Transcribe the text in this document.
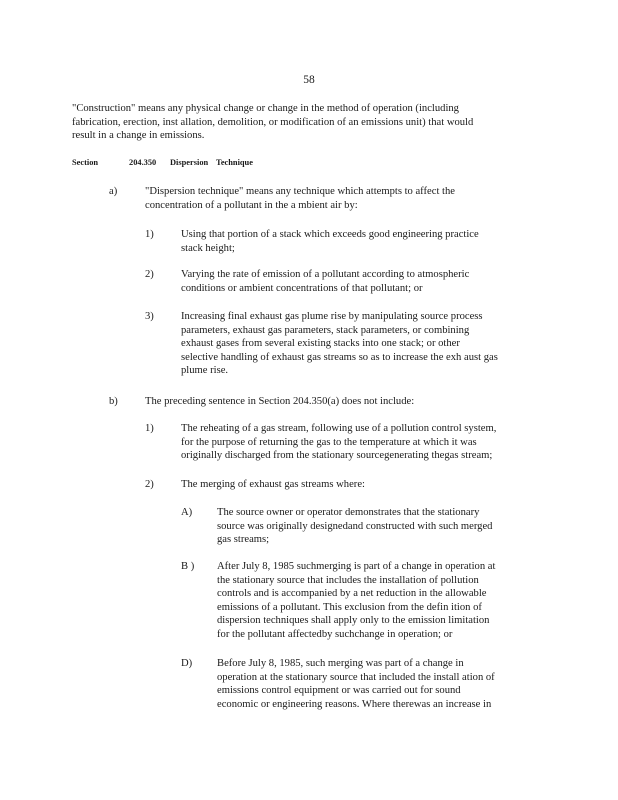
58
"Construction" means any physical change or change in the method of operation (including
fabrication, erection, inst allation, demolition, or modification of an emissions unit) that would
result in a change in emissions.
Section	204.350 Dispersion Technique
a)	"Dispersion technique" means any technique which attempts to affect the
concentration of a pollutant in the a mbient air by:
1)	Using that portion of a stack which exceeds good engineering practice
stack height;
2)	Varying the rate of emission of a pollutant according to atmospheric
conditions or ambient concentrations of that pollutant; or
3)	Increasing final exhaust gas plume rise by manipulating source process
parameters, exhaust gas parameters, stack parameters, or combining
exhaust gases from several existing stacks into one stack; or other
selective handling of exhaust gas streams so as to increase the exh aust gas
plume rise.
b)	The preceding sentence in Section 204.350(a) does not include:
1)	The reheating of a gas stream, following use of a pollution control system,
for the purpose of returning the gas to the temperature at which it was
originally discharged from the stationary sourcegenerating thegas stream;
2)	The merging of exhaust gas streams where:
A) The source owner or operator demonstrates that the stationary
source was originally designedand constructed with such merged
gas streams;
B ) After July 8, 1985 suchmerging is part of a change in operation at
the stationary source that includes the installation of pollution
controls and is accompanied by a net reduction in the allowable
emissions of a pollutant. This exclusion from the defin ition of
dispersion techniques shall apply only to the emission limitation
for the pollutant affectedby suchchange in operation; or
D) Before July 8, 1985, such merging was part of a change in
operation at the stationary source that included the install ation of
emissions control equipment or was carried out for sound
economic or engineering reasons. Where therewas an increase in
